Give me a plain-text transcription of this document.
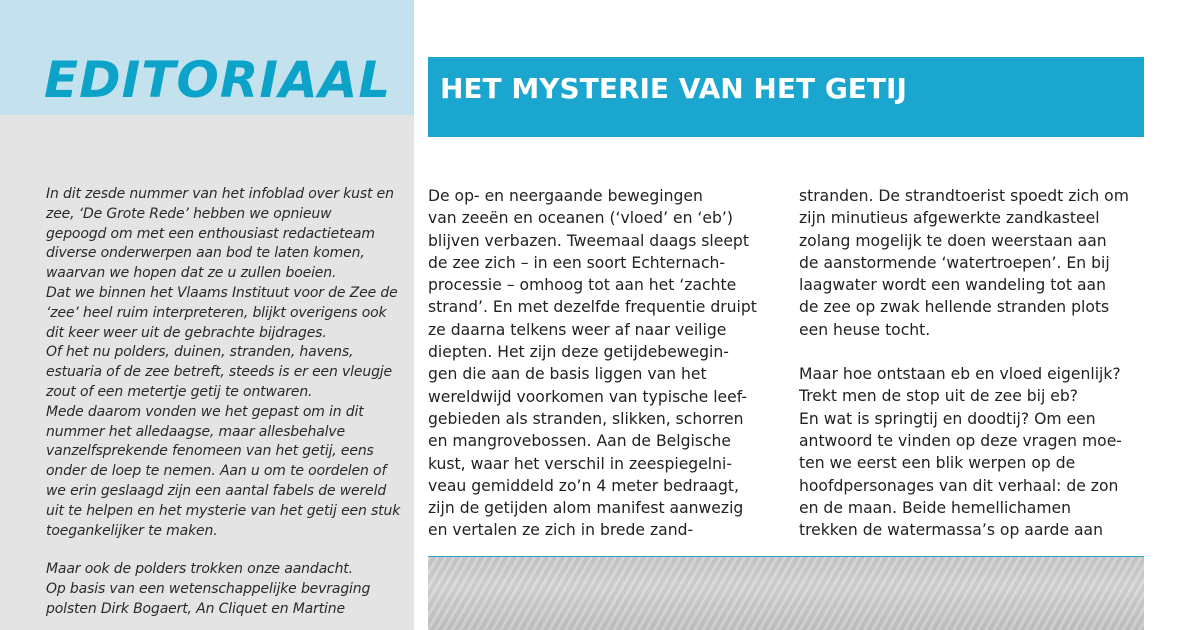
EDITORIAAL

In dit zesde nummer van het infoblad over kust en

zee, ‘De Grote Rede’ hebben we opnieuw

gepoogd om met een enthousiast redactieteam

diverse onderwerpen aan bod te laten komen,

waarvan we hopen dat ze u zullen boeien.

Dat we binnen het Vlaams Instituut voor de Zee de

‘zee’ heel ruim interpreteren, blijkt overigens ook

dit keer weer uit de gebrachte bijdrages.

Of het nu polders, duinen, stranden, havens,

estuaria of de zee betreft, steeds is er een vleugje

zout of een metertje getij te ontwaren.

Mede daarom vonden we het gepast om in dit

nummer het alledaagse, maar allesbehalve

vanzelfsprekende fenomeen van het getij, eens

onder de loep te nemen. Aan u om te oordelen of

we erin geslaagd zijn een aantal fabels de wereld

uit te helpen en het mysterie van het getij een stuk

toegankelijker te maken.

Maar ook de polders trokken onze aandacht.

Op basis van een wetenschappelijke bevraging

polsten Dirk Bogaert, An Cliquet en Martine

HET MYSTERIE VAN HET GETIJ

De op- en neergaande bewegingen

van zeeën en oceanen (‘vloed’ en ‘eb’)

blijven verbazen. Tweemaal daags sleept

de zee zich – in een soort Echternach-

processie – omhoog tot aan het ‘zachte

strand’. En met dezelfde frequentie druipt

ze daarna telkens weer af naar veilige

diepten. Het zijn deze getijdebewegin-

gen die aan de basis liggen van het

wereldwijd voorkomen van typische leef-

gebieden als stranden, slikken, schorren

en mangrovebossen. Aan de Belgische

kust, waar het verschil in zeespiegelni-

veau gemiddeld zo’n 4 meter bedraagt,

zijn de getijden alom manifest aanwezig

en vertalen ze zich in brede zand-

stranden. De strandtoerist spoedt zich om

zijn minutieus afgewerkte zandkasteel

zolang mogelijk te doen weerstaan aan

de aanstormende ‘watertroepen’. En bij

laagwater wordt een wandeling tot aan

de zee op zwak hellende stranden plots

een heuse tocht.

Maar hoe ontstaan eb en vloed eigenlijk?

Trekt men de stop uit de zee bij eb?

En wat is springtij en doodtij? Om een

antwoord te vinden op deze vragen moe-

ten we eerst een blik werpen op de

hoofdpersonages van dit verhaal: de zon

en de maan. Beide hemellichamen

trekken de watermassa’s op aarde aan
